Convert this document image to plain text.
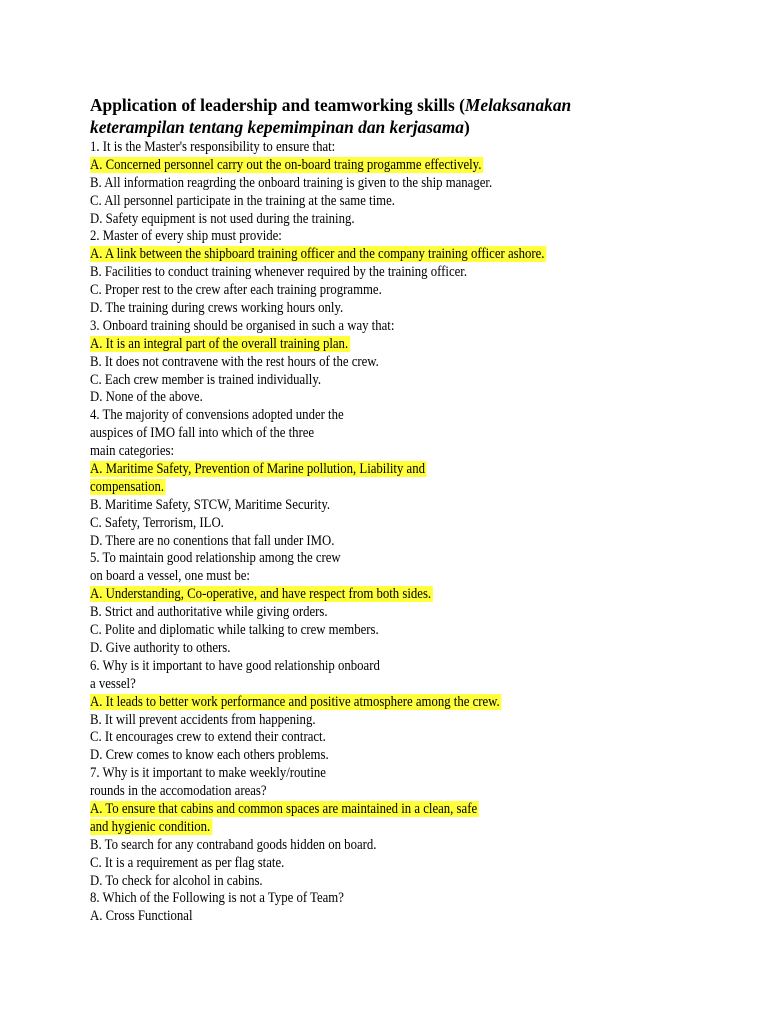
Application of leadership and teamworking skills (Melaksanakan
keterampilan tentang kepemimpinan dan kerjasama)
1. It is the Master's responsibility to ensure that:
A. Concerned personnel carry out the on-board traing progamme effectively.
B. All information reagrding the onboard training is given to the ship manager.
C. All personnel participate in the training at the same time.
D. Safety equipment is not used during the training.
2. Master of every ship must provide:
A. A link between the shipboard training officer and the company training officer ashore.
B. Facilities to conduct training whenever required by the training officer.
C. Proper rest to the crew after each training programme.
D. The training during crews working hours only.
3. Onboard training should be organised in such a way that:
A. It is an integral part of the overall training plan.
B. It does not contravene with the rest hours of the crew.
C. Each crew member is trained individually.
D. None of the above.
4. The majority of convensions adopted under the
auspices of IMO fall into which of the three
main categories:
A. Maritime Safety, Prevention of Marine pollution, Liability and
compensation.
B. Maritime Safety, STCW, Maritime Security.
C. Safety, Terrorism, ILO.
D. There are no conentions that fall under IMO.
5. To maintain good relationship among the crew
on board a vessel, one must be:
A. Understanding, Co-operative, and have respect from both sides.
B. Strict and authoritative while giving orders.
C. Polite and diplomatic while talking to crew members.
D. Give authority to others.
6. Why is it important to have good relationship onboard
a vessel?
A. It leads to better work performance and positive atmosphere among the crew.
B. It will prevent accidents from happening.
C. It encourages crew to extend their contract.
D. Crew comes to know each others problems.
7. Why is it important to make weekly/routine
rounds in the accomodation areas?
A. To ensure that cabins and common spaces are maintained in a clean, safe
and hygienic condition.
B. To search for any contraband goods hidden on board.
C. It is a requirement as per flag state.
D. To check for alcohol in cabins.
8. Which of the Following is not a Type of Team?
A. Cross Functional
